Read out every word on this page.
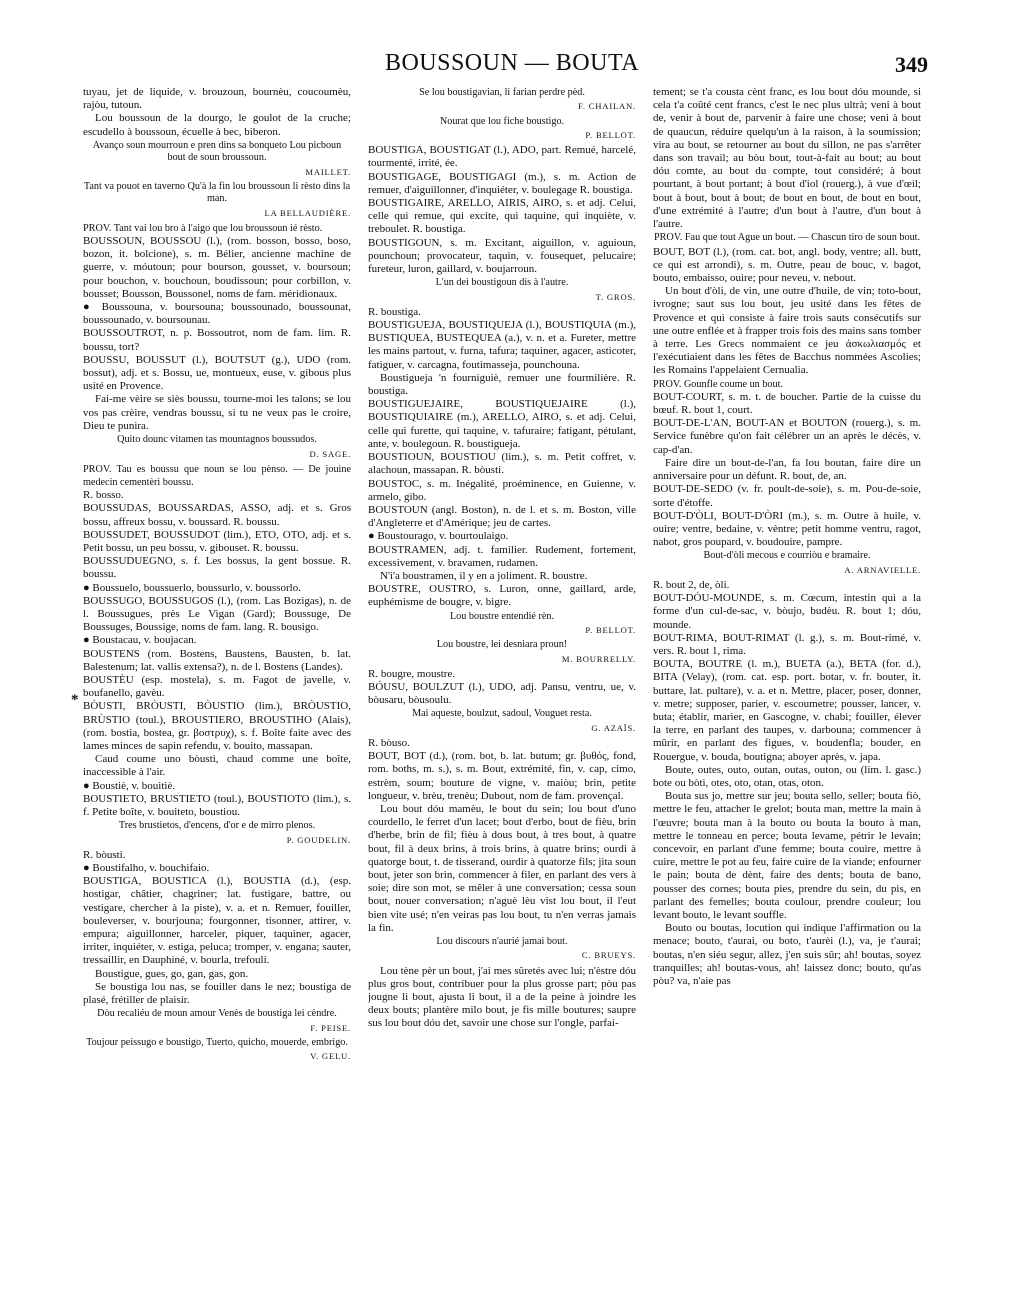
BOUSSOUN — BOUTA	349
*

tuyau, jet de liquide, v. brouzoun, bournèu, coucoumèu, rajòu, tutoun.

Lou boussoun de la dourgo, le goulot de la cruche; escudello à boussoun, écuelle à bec, biberon.

Avanço soun mourroun e pren dins sa bonqueto Lou picboun bout de soun broussoun.

MAILLET.

Tant va pouot en taverno Qu'à la fin lou broussoun li rèsto dins la man.

LA BELLAUDIÈRE.

PROV. Tant vai lou bro à l'aigo que lou broussoun ié rèsto.

BOUSSOUN, BOUSSOU (l.), (rom. bosson, bosso, boso, bozon, it. bolcione), s. m. Bélier, ancienne machine de guerre, v. móutoun; pour bourson, gousset, v. boursoun; pour bouchon, v. bouchoun, boudissoun; pour corbillon, v. bousset; Bousson, Boussonel, noms de fam. méridionaux.

● Boussouna, v. boursouna; boussounado, boussounat, boussounado, v. boursounau.

BOUSSOUTROT, n. p. Bossoutrot, nom de fam. lim. R. boussu, tort?

BOUSSU, BOUSSUT (l.), BOUTSUT (g.), UDO (rom. bossut), adj. et s. Bossu, ue, montueux, euse, v. gibous plus usité en Provence.

Fai-me vèire se siès boussu, tourne-moi les talons; se lou vos pas crèire, vendras boussu, si tu ne veux pas le croire, Dieu te punira.

Quito dounc vitamen tas mountagnos boussudos.

D. SAGE.

PROV. Tau es boussu que noun se lou pènso. — De jouine medecin cementèri boussu.

R. bosso.

BOUSSUDAS, BOUSSARDAS, ASSO, adj. et s. Gros bossu, affreux bossu, v. boussard. R. boussu.

BOUSSUDET, BOUSSUDOT (lim.), ETO, OTO, adj. et s. Petit bossu, un peu bossu, v. gibouset. R. boussu.

BOUSSUDUEGNO, s. f. Les bossus, la gent bossue. R. boussu.

● Boussuelo, boussuerlo, boussurlo, v. boussorlo.

BOUSSUGO, BOUSSUGOS (l.), (rom. Las Bozigas), n. de l. Boussugues, près Le Vigan (Gard); Boussuge, De Boussuges, Boussige, noms de fam. lang. R. bousigo.

● Boustacau, v. boujacan.

BOUSTENS (rom. Bostens, Baustens, Bausten, b. lat. Balestenum; lat. vallis extensa?), n. de l. Bostens (Landes).

BOUSTÈU (esp. mostela), s. m. Fagot de javelle, v. boufanello, gavèu.

BÒUSTI, BRÒUSTI, BÒUSTIO (lim.), BRÒUSTIO, BRÙSTIO (toul.), BROUSTIERO, BROUSTIHO (Alais), (rom. bostia, bostea, gr. βοστρυχ), s. f. Boîte faite avec des lames minces de sapin refendu, v. bouito, massapan.

Caud coume uno bòusti, chaud comme une boîte, inaccessible à l'air.

● Boustiè, v. bouitiè.

BOUSTIETO, BRUSTIETO (toul.), BOUSTIOTO (lim.), s. f. Petite boîte, v. bouiteto, boustiou.

Tres brustietos, d'encens, d'or e de mirro plenos.

P. GOUDELIN.

R. bòusti.

● Boustifalho, v. bouchifaio.

BOUSTIGA, BOUSTICA (l.), BOUSTIA (d.), (esp. hostigar, châtier, chagriner; lat. fustigare, battre, ou vestigare, chercher à la piste), v. a. et n. Remuer, fouiller, bouleverser, v. bourjouna; fourgonner, tisonner, attirer, v. empura; aiguillonner, harceler, piquer, taquiner, agacer, irriter, inquiéter, v. estiga, peluca; tromper, v. engana; sauter, tressaillir, en Dauphiné, v. bourla, trefouli.

Boustigue, gues, go, gan, gas, gon.

Se boustiga lou nas, se fouiller dans le nez; boustiga de plasé, frétiller de plaisir.

Dòu recaliéu de moun amour Venès de boustiga lei cèndre.

F. PEISE.

Toujour peissugo e boustigo, Tuerto, quicho, mouerde, embrigo.

V. GELU.

Se lou boustigavian, li farian perdre pèd.

F. CHAILAN.

Nourat que lou fiche boustigo.

P. BELLOT.

BOUSTIGA, BOUSTIGAT (l.), ADO, part. Remué, harcelé, tourmenté, irrité, ée.

BOUSTIGAGE, BOUSTIGAGI (m.), s. m. Action de remuer, d'aiguillonner, d'inquiéter, v. boulegage R. boustiga.

BOUSTIGAIRE, ARELLO, AIRIS, AIRO, s. et adj. Celui, celle qui remue, qui excite, qui taquine, qui inquiète, v. treboulet. R. boustiga.

BOUSTIGOUN, s. m. Excitant, aiguillon, v. aguioun, pounchoun; provocateur, taquin, v. fousequet, pelucaire; fureteur, luron, gaillard, v. boujarroun.

L'un dei boustigoun dis à l'autre.

T. GROS.

R. boustiga.

BOUSTIGUEJA, BOUSTIQUEJA (l.), BOUSTIQUIA (m.), BUSTIQUEA, BUSTEQUEA (a.), v. n. et a. Fureter, mettre les mains partout, v. furna, tafura; taquiner, agacer, asticoter, fatiguer, v. carcagna, foutimasseja, pounchouna.

Boustigueja 'n fourniguiè, remuer une fourmilière. R. boustiga.

BOUSTIGUEJAIRE, BOUSTIQUEJAIRE (l.), BOUSTIQUIAIRE (m.), ARELLO, AIRO, s. et adj. Celui, celle qui furette, qui taquine, v. tafuraire; fatigant, pétulant, ante, v. boulegoun. R. boustigueja.

BOUSTIOUN, BOUSTIOU (lim.), s. m. Petit coffret, v. alachoun, massapan. R. bòusti.

BOUSTOC, s. m. Inégalité, proéminence, en Guienne, v. armelo, gibo.

BOUSTOUN (angl. Boston), n. de l. et s. m. Boston, ville d'Angleterre et d'Amérique; jeu de cartes.

● Boustourago, v. bourtoulaigo.

BOUSTRAMEN, adj. t. familier. Rudement, fortement, excessivement, v. bravamen, rudamen.

N'i'a boustramen, il y en a joliment. R. boustre.

BOUSTRE, OUSTRO, s. Luron, onne, gaillard, arde, euphémisme de bougre, v. bigre.

Lou boustre entendié rèn.

P. BELLOT.

Lou boustre, lei desniara proun!

M. BOURRELLY.

R. bougre, moustre.

BÓUSU, BOULZUT (l.), UDO, adj. Pansu, ventru, ue, v. bòusaru, bòusoulu.

Mai aqueste, boulzut, sadoul, Vouguet resta.

G. AZAÏS.

R. bòuso.

BOUT, BOT (d.), (rom. bot, b. lat. butum; gr. βυθός, fond, rom. boths, m. s.), s. m. Bout, extrémité, fin, v. cap, cimo, estrèm, soum; bouture de vigne, v. maiòu; brin, petite longueur, v. brèu, trenèu; Dubout, nom de fam. provençal.

Lou bout dóu mamèu, le bout du sein; lou bout d'uno courdello, le ferret d'un lacet; bout d'erbo, bout de fièu, brin d'herbe, brin de fil; fièu à dous bout, à tres bout, à quatre bout, fil à deux brins, à trois brins, à quatre brins; ourdi à quatorge bout, t. de tisserand, ourdir à quatorze fils; jita soun bout, jeter son brin, commencer à filer, en parlant des vers à soie; dire son mot, se mêler à une conversation; cessa soun bout, nouer conversation; n'aguè lèu vist lou bout, il l'eut bien vite usé; n'en veiras pas lou bout, tu n'en verras jamais la fin.

Lou discours n'aurié jamai bout.

C. BRUEYS.

Lou tène pèr un bout, j'ai mes sûretés avec lui; n'èstre dóu plus gros bout, contribuer pour la plus grosse part; pòu pas jougne li bout, ajusta li bout, il a de la peine à joindre les deux bouts; plantère milo bout, je fis mille boutures; saupre sus lou bout dóu det, savoir une chose sur l'ongle, parfai-

tement; se t'a cousta cènt franc, es lou bout dóu mounde, si cela t'a coûté cent francs, c'est le nec plus ultrà; veni à bout de, venir à bout de, parvenir à faire une chose; veni à bout de quaucun, réduire quelqu'un à la raison, à la soumission; vira au bout, se retourner au bout du sillon, ne pas s'arrêter dans son travail; au bòu bout, tout-à-fait au bout; au bout dóu comte, au bout du compte, tout considéré; à bout pourtant, à bout portant; à bout d'iol (rouerg.), à vue d'œil; bout à bout, bout à bout; de bout en bout, de bout en bout, d'une extrémité à l'autre; d'un bout à l'autre, d'un bout à l'autre.

PROV. Fau que tout Ague un bout. — Chascun tiro de soun bout.

BOUT, BOT (l.), (rom. cat. bot, angl. body, ventre; all. butt, ce qui est arrondi), s. m. Outre, peau de bouc, v. bagot, bouto, embaisso, ouire; pour neveu, v. nebout.

Un bout d'òli, de vin, une outre d'huile, de vin; toto-bout, ivrogne; saut sus lou bout, jeu usité dans les fêtes de Provence et qui consiste à faire trois sauts consécutifs sur une outre enflée et à frapper trois fois des mains sans tomber à terre. Les Grecs nommaient ce jeu ἀσκωλιασμός et l'exécutiaient dans les fêtes de Bacchus nommées Ascolies; les Romains l'appelaient Cernualia.

PROV. Gounfle coume un bout.

BOUT-COURT, s. m. t. de boucher. Partie de la cuisse du bœuf. R. bout 1, court.

BOUT-DE-L'AN, BOUT-AN et BOUTON (rouerg.), s. m. Service funèbre qu'on fait célébrer un an après le décès, v. cap-d'an.

Faire dire un bout-de-l'an, fa lou boutan, faire dire un anniversaire pour un défunt. R. bout, de, an.

BOUT-DE-SEDO (v. fr. poult-de-soie), s. m. Pou-de-soie, sorte d'étoffe.

BOUT-D'ÒLI, BOUT-D'ÒRI (m.), s. m. Outre à huile, v. ouire; ventre, bedaine, v. vèntre; petit homme ventru, ragot, nabot, gros poupard, v. boudouire, pampre.

Bout-d'òli mecous e courriòu e bramaire.

A. ARNAVIELLE.

R. bout 2, de, òli.

BOUT-DÓU-MOUNDE, s. m. Cœcum, intestin qui a la forme d'un cul-de-sac, v. bòujo, budèu. R. bout 1; dóu, mounde.

BOUT-RIMA, BOUT-RIMAT (l. g.), s. m. Bout-rimé, v. vers. R. bout 1, rima.

BOUTA, BOUTRE (l. m.), BUETA (a.), BETA (for. d.), BITA (Velay), (rom. cat. esp. port. botar, v. fr. bouter, it. buttare, lat. pultare), v. a. et n. Mettre, placer, poser, donner, v. metre; supposer, parier, v. escoumetre; pousser, lancer, v. buta; établir, marier, en Gascogne, v. chabi; fouiller, élever la terre, en parlant des taupes, v. darbouna; commencer à mûrir, en parlant des figues, v. boudenfla; bouder, en Rouergue, v. bouda, boutigna; aboyer après, v. japa.

Boute, outes, outo, outan, outas, outon, ou (lim. l. gasc.) bote ou bòti, otes, oto, otan, otas, oton.

Bouta sus jo, mettre sur jeu; bouta sello, seller; bouta fiò, mettre le feu, attacher le grelot; bouta man, mettre la main à l'œuvre; bouta man à la bouto ou bouta la bouto à man, mettre le tonneau en perce; bouta levame, pétrir le levain; concevoir, en parlant d'une femme; bouta couire, mettre à cuire, mettre le pot au feu, faire cuire de la viande; enfourner le pain; bouta de dènt, faire des dents; bouta de bano, pousser des cornes; bouta pies, prendre du sein, du pis, en parlant des femelles; bouta coulour, prendre couleur; lou levant bouto, le levant souffle.

Bouto ou boutas, locution qui indique l'affirmation ou la menace; bouto, t'aurai, ou boto, t'aurèi (l.), va, je t'aurai; boutas, n'en siéu segur, allez, j'en suis sûr; ah! boutas, soyez tranquilles; ah! boutas-vous, ah! laissez donc; bouto, qu'as pòu? va, n'aie pas
